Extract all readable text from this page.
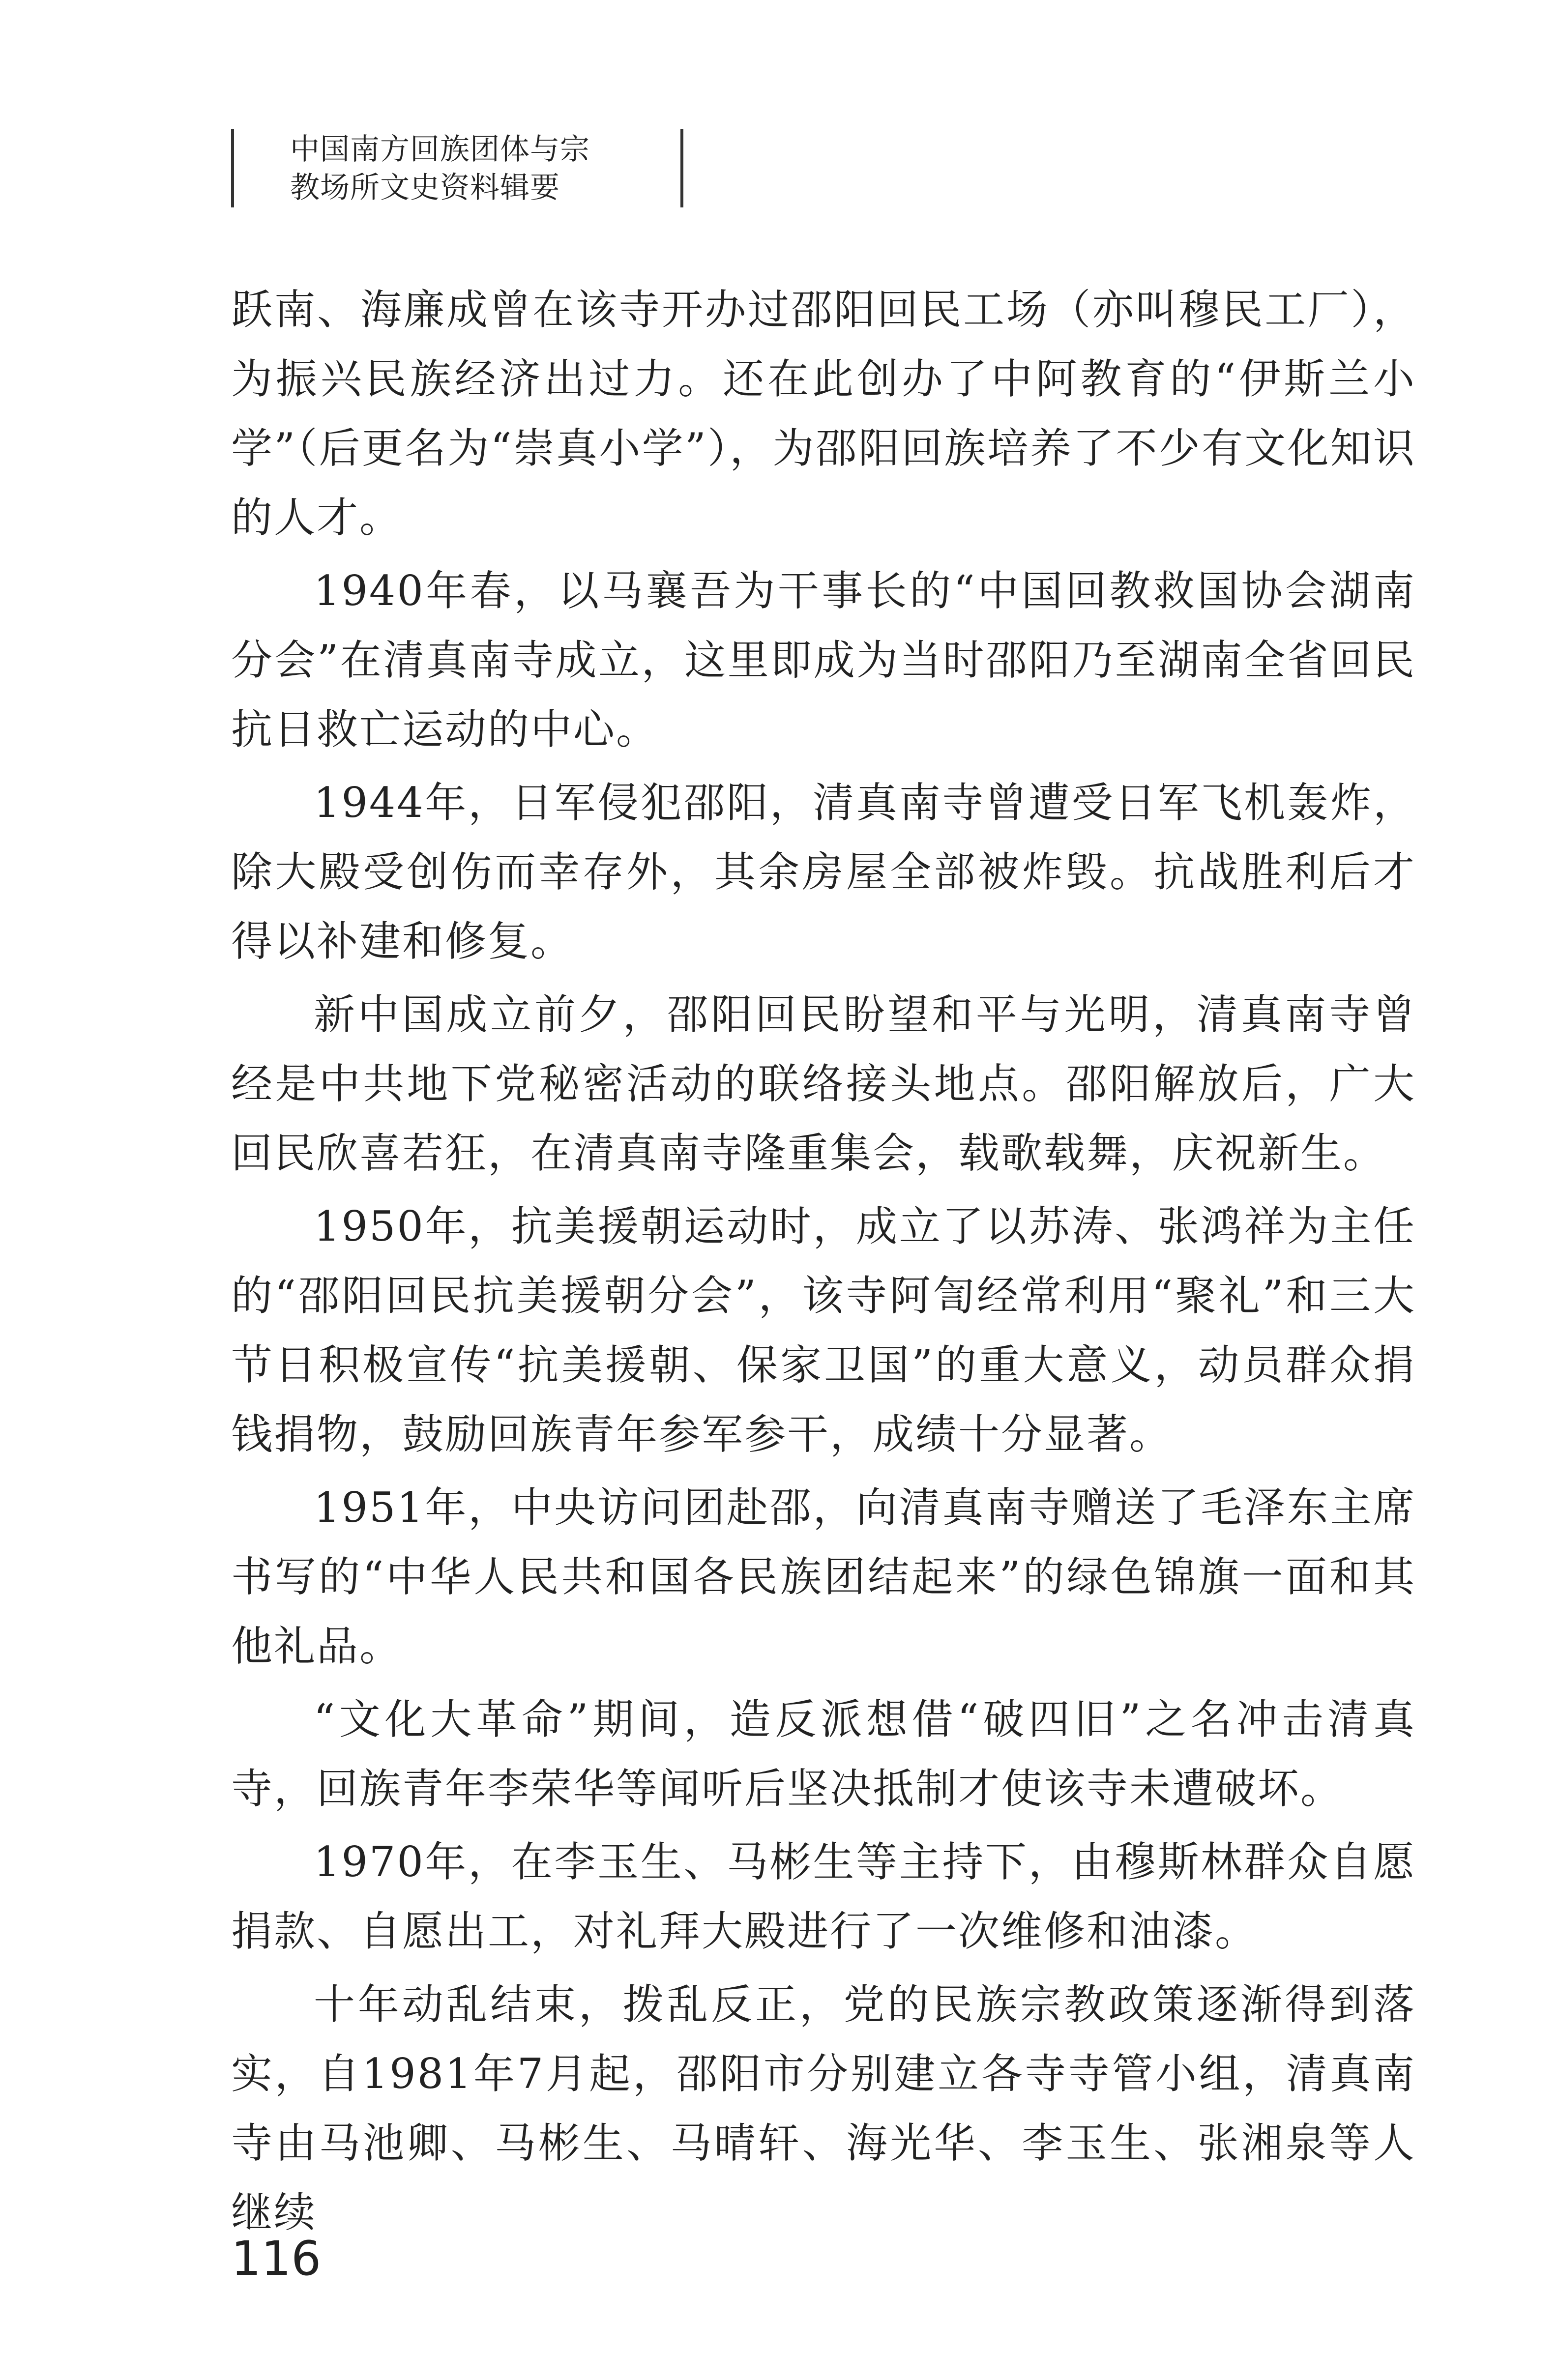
中国南方回族团体与宗
教场所文史资料辑要

跃南、海廉成曾在该寺开办过邵阳回民工场（亦叫穆民工厂），为振兴民族经济出过力。还在此创办了中阿教育的“伊斯兰小学”（后更名为“崇真小学”），为邵阳回族培养了不少有文化知识的人才。

1940年春，以马襄吾为干事长的“中国回教救国协会湖南分会”在清真南寺成立，这里即成为当时邵阳乃至湖南全省回民抗日救亡运动的中心。

1944年，日军侵犯邵阳，清真南寺曾遭受日军飞机轰炸，除大殿受创伤而幸存外，其余房屋全部被炸毁。抗战胜利后才得以补建和修复。

新中国成立前夕，邵阳回民盼望和平与光明，清真南寺曾经是中共地下党秘密活动的联络接头地点。邵阳解放后，广大回民欣喜若狂，在清真南寺隆重集会，载歌载舞，庆祝新生。

1950年，抗美援朝运动时，成立了以苏涛、张鸿祥为主任的“邵阳回民抗美援朝分会”，该寺阿訇经常利用“聚礼”和三大节日积极宣传“抗美援朝、保家卫国”的重大意义，动员群众捐钱捐物，鼓励回族青年参军参干，成绩十分显著。

1951年，中央访问团赴邵，向清真南寺赠送了毛泽东主席书写的“中华人民共和国各民族团结起来”的绿色锦旗一面和其他礼品。

“文化大革命”期间，造反派想借“破四旧”之名冲击清真寺，回族青年李荣华等闻听后坚决抵制才使该寺未遭破坏。

1970年，在李玉生、马彬生等主持下，由穆斯林群众自愿捐款、自愿出工，对礼拜大殿进行了一次维修和油漆。

十年动乱结束，拨乱反正，党的民族宗教政策逐渐得到落实，自1981年7月起，邵阳市分别建立各寺寺管小组，清真南寺由马池卿、马彬生、马晴轩、海光华、李玉生、张湘泉等人继续

116
